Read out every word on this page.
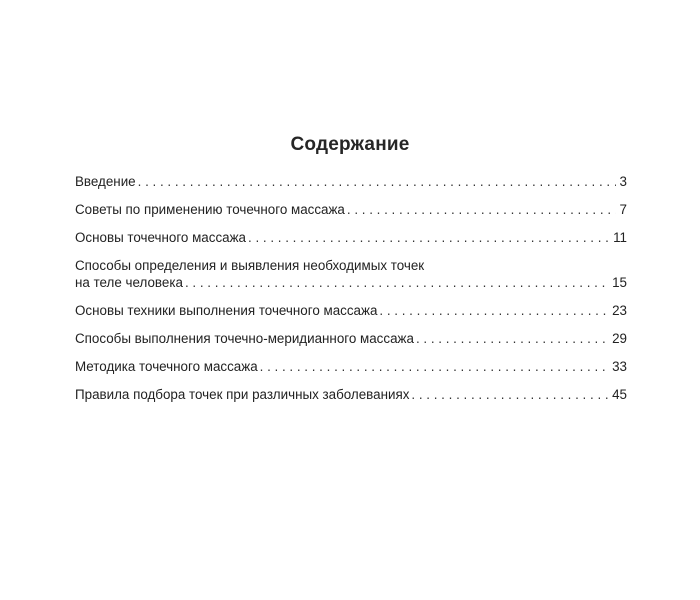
Содержание
Введение . . .	3
Советы по применению точечного массажа . . .	7
Основы точечного массажа . . .	11
Способы определения и выявления необходимых точек
на теле человека . . .	15
Основы техники выполнения точечного массажа . . .	23
Способы выполнения точечно-меридианного массажа . . .	29
Методика точечного массажа . . .	33
Правила подбора точек при различных заболеваниях . . .	45
